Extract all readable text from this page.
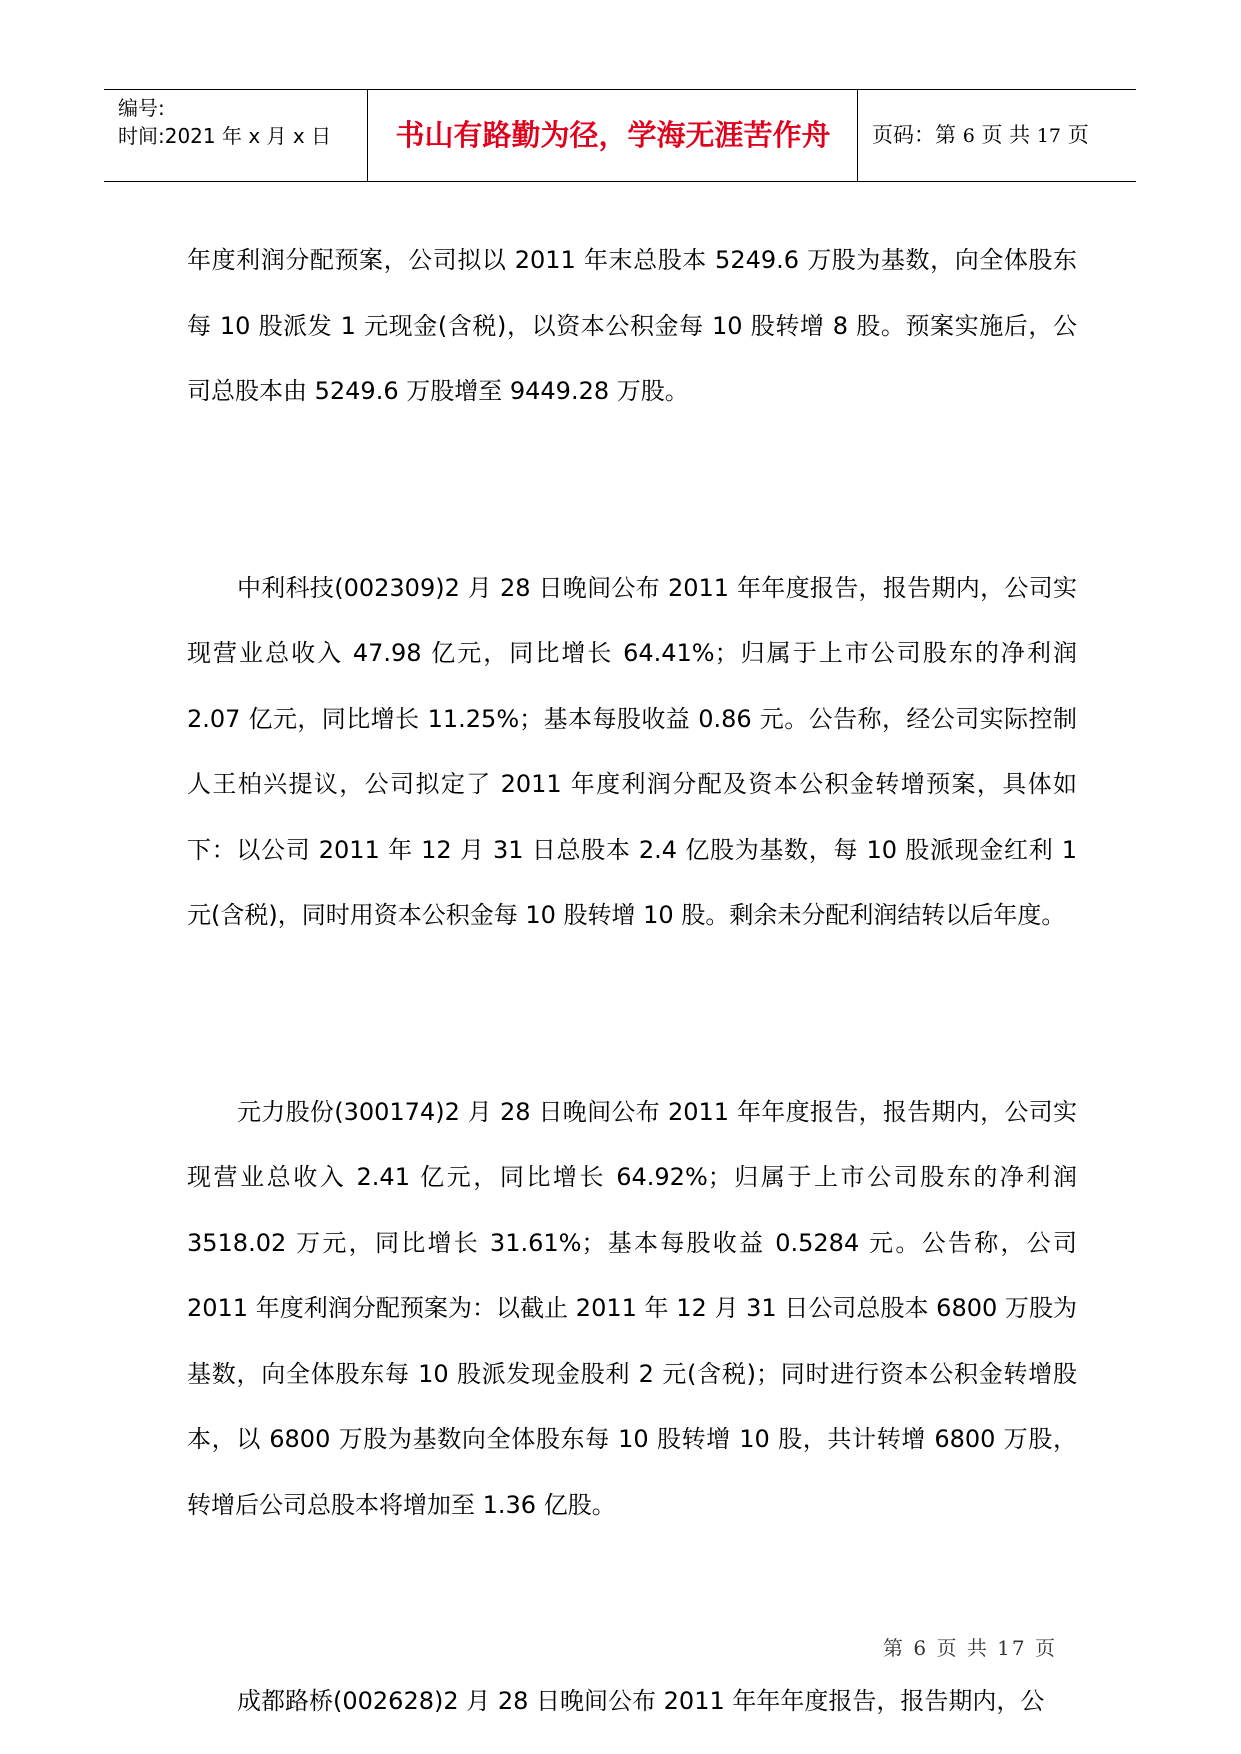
编号:
时间:2021 年 x 月 x 日	书山有路勤为径，学海无涯苦作舟	页码：第 6 页 共 17 页

年度利润分配预案，公司拟以 2011 年末总股本 5249.6 万股为基数，向全体股东每 10 股派发 1 元现金(含税)，以资本公积金每 10 股转增 8 股。预案实施后，公司总股本由 5249.6 万股增至 9449.28 万股。

中利科技(002309)2 月 28 日晚间公布 2011 年年度报告，报告期内，公司实现营业总收入 47.98 亿元，同比增长 64.41%；归属于上市公司股东的净利润 2.07 亿元，同比增长 11.25%；基本每股收益 0.86 元。公告称，经公司实际控制人王柏兴提议，公司拟定了 2011 年度利润分配及资本公积金转增预案，具体如下：以公司 2011 年 12 月 31 日总股本 2.4 亿股为基数，每 10 股派现金红利 1 元(含税)，同时用资本公积金每 10 股转增 10 股。剩余未分配利润结转以后年度。

元力股份(300174)2 月 28 日晚间公布 2011 年年度报告，报告期内，公司实现营业总收入 2.41 亿元，同比增长 64.92%；归属于上市公司股东的净利润 3518.02 万元，同比增长 31.61%；基本每股收益 0.5284 元。公告称，公司 2011 年度利润分配预案为：以截止 2011 年 12 月 31 日公司总股本 6800 万股为基数，向全体股东每 10 股派发现金股利 2 元(含税)；同时进行资本公积金转增股本，以 6800 万股为基数向全体股东每 10 股转增 10 股，共计转增 6800 万股，转增后公司总股本将增加至 1.36 亿股。

成都路桥(002628)2 月 28 日晚间公布 2011 年年年度报告，报告期内，公

第 6 页 共 17 页
